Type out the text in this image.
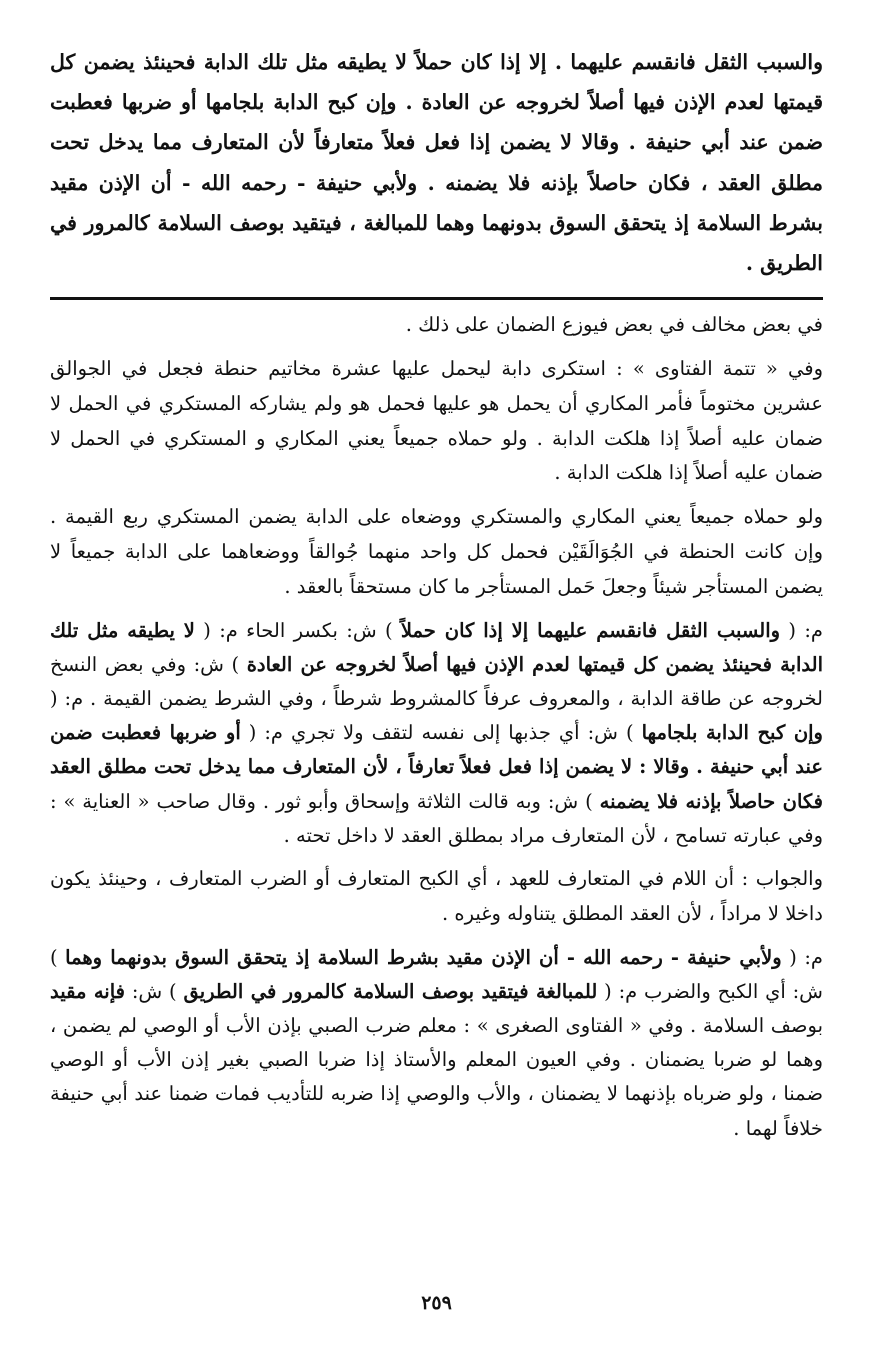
والسبب الثقل فانقسم عليهما . إلا إذا كان حملاً لا يطيقه مثل تلك الدابة فحينئذ يضمن كل قيمتها لعدم الإذن فيها أصلاً لخروجه عن العادة . وإن كبح الدابة بلجامها أو ضربها فعطبت ضمن عند أبي حنيفة . وقالا لا يضمن إذا فعل فعلاً متعارفاً لأن المتعارف مما يدخل تحت مطلق العقد ، فكان حاصلاً بإذنه فلا يضمنه . ولأبي حنيفة - رحمه الله - أن الإذن مقيد بشرط السلامة إذ يتحقق السوق بدونهما وهما للمبالغة ، فيتقيد بوصف السلامة كالمرور في الطريق .

في بعض مخالف في بعض فيوزع الضمان على ذلك .

وفي « تتمة الفتاوى » : استكرى دابة ليحمل عليها عشرة مخاتيم حنطة فجعل في الجوالق عشرين مختوماً فأمر المكاري أن يحمل هو عليها فحمل هو ولم يشاركه المستكري في الحمل لا ضمان عليه أصلاً إذا هلكت الدابة . ولو حملاه جميعاً يعني المكاري و المستكري في الحمل لا ضمان عليه أصلاً إذا هلكت الدابة .

ولو حملاه جميعاً يعني المكاري والمستكري ووضعاه على الدابة يضمن المستكري ربع القيمة . وإن كانت الحنطة في الجُوَالَقَيْن فحمل كل واحد منهما جُوالقاً ووضعاهما على الدابة جميعاً لا يضمن المستأجر شيئاً وجعلَ حَمل المستأجر ما كان مستحقاً بالعقد .

م: ( والسبب الثقل فانقسم عليهما إلا إذا كان حملاً ) ش: بكسر الحاء م: ( لا يطيقه مثل تلك الدابة فحينئذ يضمن كل قيمتها لعدم الإذن فيها أصلاً لخروجه عن العادة ) ش: وفي بعض النسخ لخروجه عن طاقة الدابة ، والمعروف عرفاً كالمشروط شرطاً ، وفي الشرط يضمن القيمة . م: ( وإن كبح الدابة بلجامها ) ش: أي جذبها إلى نفسه لتقف ولا تجري م: ( أو ضربها فعطبت ضمن عند أبي حنيفة . وقالا : لا يضمن إذا فعل فعلاً تعارفاً ، لأن المتعارف مما يدخل تحت مطلق العقد فكان حاصلاً بإذنه فلا يضمنه ) ش: وبه قالت الثلاثة وإسحاق وأبو ثور . وقال صاحب « العناية » : وفي عبارته تسامح ، لأن المتعارف مراد بمطلق العقد لا داخل تحته .

والجواب : أن اللام في المتعارف للعهد ، أي الكبح المتعارف أو الضرب المتعارف ، وحينئذ يكون داخلا لا مراداً ، لأن العقد المطلق يتناوله وغيره .

م: ( ولأبي حنيفة - رحمه الله - أن الإذن مقيد بشرط السلامة إذ يتحقق السوق بدونهما وهما ) ش: أي الكبح والضرب م: ( للمبالغة فيتقيد بوصف السلامة كالمرور في الطريق ) ش: فإنه مقيد بوصف السلامة . وفي « الفتاوى الصغرى » : معلم ضرب الصبي بإذن الأب أو الوصي لم يضمن ، وهما لو ضربا يضمنان . وفي العيون المعلم والأستاذ إذا ضربا الصبي بغير إذن الأب أو الوصي ضمنا ، ولو ضرباه بإذنهما لا يضمنان ، والأب والوصي إذا ضربه للتأديب فمات ضمنا عند أبي حنيفة خلافاً لهما .

٢٥٩
